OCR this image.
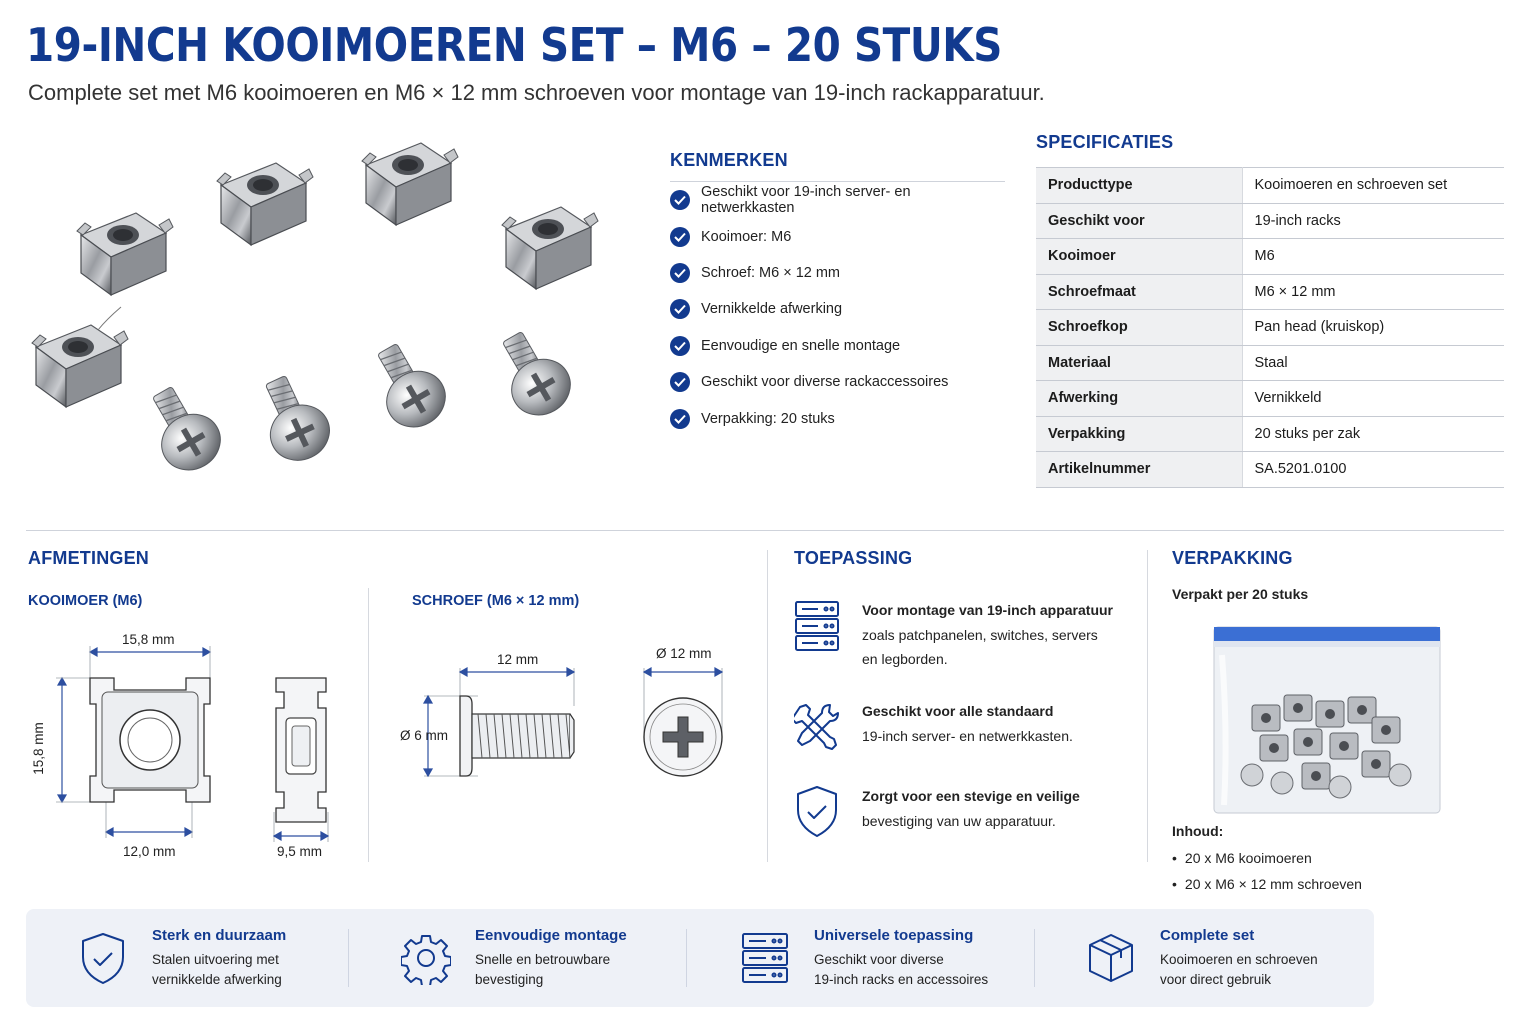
19-INCH KOOIMOEREN SET – M6 – 20 STUKS

Complete set met M6 kooimoeren en M6 × 12 mm schroeven voor montage van 19-inch rackapparatuur.

KENMERKEN
Geschikt voor 19-inch server- en netwerkkasten
Kooimoer: M6
Schroef: M6 × 12 mm
Vernikkelde afwerking
Eenvoudige en snelle montage
Geschikt voor diverse rackaccessoires
Verpakking: 20 stuks
SPECIFICATIES
Producttype	Kooimoeren en schroeven set
Geschikt voor	19-inch racks
Kooimoer	M6
Schroefmaat	M6 × 12 mm
Schroefkop	Pan head (kruiskop)
Materiaal	Staal
Afwerking	Vernikkeld
Verpakking	20 stuks per zak
Artikelnummer	SA.5201.0100
AFMETINGEN
KOOIMOER (M6)	SCHROEF (M6 × 12 mm)
15,8 mm
15,8 mm
12,0 mm	9,5 mm
12 mm
Ø 6 mm
Ø 12 mm
TOEPASSING
Voor montage van 19-inch apparatuur
zoals patchpanelen, switches, servers
en legborden.
Geschikt voor alle standaard
19-inch server- en netwerkkasten.
Zorgt voor een stevige en veilige
bevestiging van uw apparatuur.
VERPAKKING
Verpakt per 20 stuks
Inhoud:
• 20 x M6 kooimoeren
• 20 x M6 × 12 mm schroeven
Sterk en duurzaam
Stalen uitvoering met
vernikkelde afwerking
Eenvoudige montage
Snelle en betrouwbare
bevestiging
Universele toepassing
Geschikt voor diverse
19-inch racks en accessoires
Complete set
Kooimoeren en schroeven
voor direct gebruik
